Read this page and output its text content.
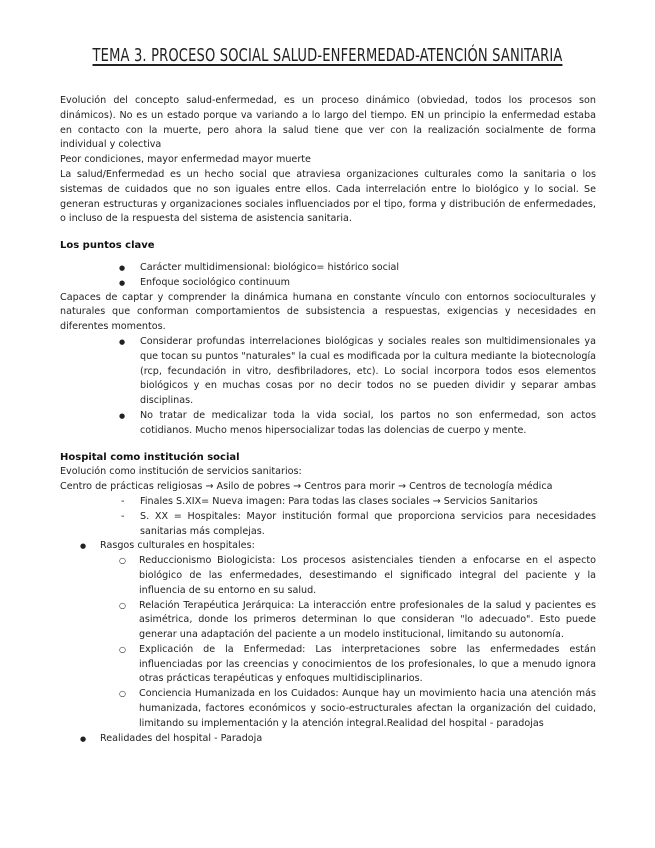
TEMA 3. PROCESO SOCIAL SALUD-ENFERMEDAD-ATENCIÓN SANITARIA

Evolución del concepto salud-enfermedad, es un proceso dinámico (obviedad, todos los procesos son dinámicos). No es un estado porque va variando a lo largo del tiempo. EN un principio la enfermedad estaba en contacto con la muerte, pero ahora la salud tiene que ver con la realización socialmente de forma individual y colectiva

Peor condiciones, mayor enfermedad mayor muerte

La salud/Enfermedad es un hecho social que atraviesa organizaciones culturales como la sanitaria o los sistemas de cuidados que no son iguales entre ellos. Cada interrelación entre lo biológico y lo social. Se generan estructuras y organizaciones sociales influenciados por el tipo, forma y distribución de enfermedades, o incluso de la respuesta del sistema de asistencia sanitaria.

Los puntos clave
● Carácter multidimensional: biológico= histórico social
● Enfoque sociológico continuum

Capaces de captar y comprender la dinámica humana en constante vínculo con entornos socioculturales y naturales que conforman comportamientos de subsistencia a respuestas, exigencias y necesidades en diferentes momentos.

● Considerar profundas interrelaciones biológicas y sociales reales son multidimensionales ya que tocan su puntos "naturales" la cual es modificada por la cultura mediante la biotecnología (rcp, fecundación in vitro, desfibriladores, etc). Lo social incorpora todos esos elementos biológicos y en muchas cosas por no decir todos no se pueden dividir y separar ambas disciplinas.
● No tratar de medicalizar toda la vida social, los partos no son enfermedad, son actos cotidianos. Mucho menos hipersocializar todas las dolencias de cuerpo y mente.
Hospital como institución social

Evolución como institución de servicios sanitarios:

Centro de prácticas religiosas → Asilo de pobres → Centros para morir → Centros de tecnología médica

- Finales S.XIX= Nueva imagen: Para todas las clases sociales → Servicios Sanitarios
- S. XX = Hospitales: Mayor institución formal que proporciona servicios para necesidades sanitarias más complejas.
● Rasgos culturales en hospitales:
○ Reduccionismo Biologicista: Los procesos asistenciales tienden a enfocarse en el aspecto biológico de las enfermedades, desestimando el significado integral del paciente y la influencia de su entorno en su salud.
○ Relación Terapéutica Jerárquica: La interacción entre profesionales de la salud y pacientes es asimétrica, donde los primeros determinan lo que consideran "lo adecuado". Esto puede generar una adaptación del paciente a un modelo institucional, limitando su autonomía.
○ Explicación de la Enfermedad: Las interpretaciones sobre las enfermedades están influenciadas por las creencias y conocimientos de los profesionales, lo que a menudo ignora otras prácticas terapéuticas y enfoques multidisciplinarios.
○ Conciencia Humanizada en los Cuidados: Aunque hay un movimiento hacia una atención más humanizada, factores económicos y socio-estructurales afectan la organización del cuidado, limitando su implementación y la atención integral.Realidad del hospital - paradojas
● Realidades del hospital - Paradoja
